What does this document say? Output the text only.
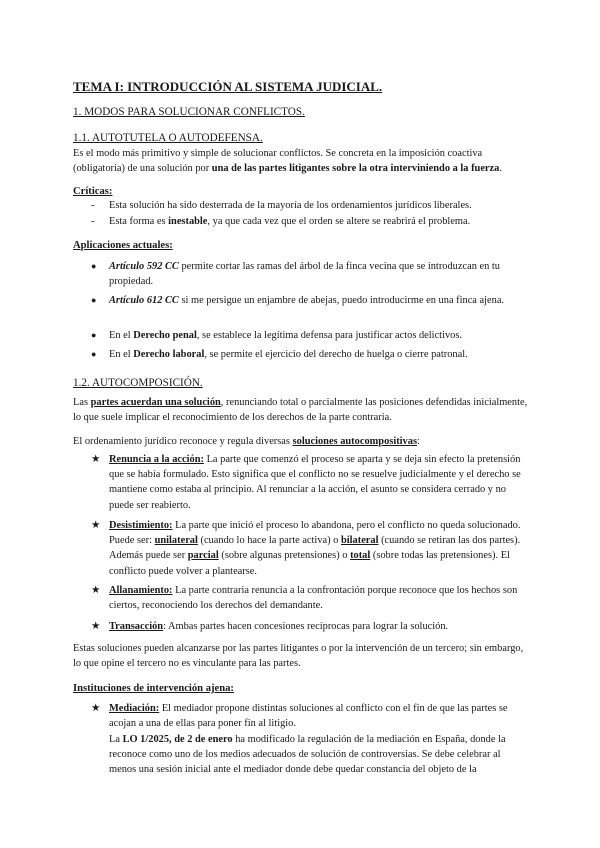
TEMA I: INTRODUCCIÓN AL SISTEMA JUDICIAL.

1. MODOS PARA SOLUCIONAR CONFLICTOS.

1.1. AUTOTUTELA O AUTODEFENSA.

Es el modo más primitivo y simple de solucionar conflictos. Se concreta en la imposición coactiva (obligatoria) de una solución por una de las partes litigantes sobre la otra interviniendo a la fuerza.

Críticas:

- Esta solución ha sido desterrada de la mayoría de los ordenamientos jurídicos liberales.

- Esta forma es inestable, ya que cada vez que el orden se altere se reabrirá el problema.

Aplicaciones actuales:

● Artículo 592 CC permite cortar las ramas del árbol de la finca vecina que se introduzcan en tu propiedad.

● Artículo 612 CC si me persigue un enjambre de abejas, puedo introducirme en una finca ajena.

● En el Derecho penal, se establece la legítima defensa para justificar actos delictivos.

● En el Derecho laboral, se permite el ejercicio del derecho de huelga o cierre patronal.

1.2. AUTOCOMPOSICIÓN.

Las partes acuerdan una solución, renunciando total o parcialmente las posiciones defendidas inicialmente, lo que suele implicar el reconocimiento de los derechos de la parte contraria.

El ordenamiento jurídico reconoce y regula diversas soluciones autocompositivas:

★ Renuncia a la acción: La parte que comenzó el proceso se aparta y se deja sin efecto la pretensión que se había formulado. Esto significa que el conflicto no se resuelve judicialmente y el derecho se mantiene como estaba al principio. Al renunciar a la acción, el asunto se considera cerrado y no puede ser reabierto.

★ Desistimiento: La parte que inició el proceso lo abandona, pero el conflicto no queda solucionado. Puede ser: unilateral (cuando lo hace la parte activa) o bilateral (cuando se retiran las dos partes). Además puede ser parcial (sobre algunas pretensiones) o total (sobre todas las pretensiones). El conflicto puede volver a plantearse.

★ Allanamiento: La parte contraria renuncia a la confrontación porque reconoce que los hechos son ciertos, reconociendo los derechos del demandante.

★ Transacción: Ambas partes hacen concesiones recíprocas para lograr la solución.

Estas soluciones pueden alcanzarse por las partes litigantes o por la intervención de un tercero; sin embargo, lo que opine el tercero no es vinculante para las partes.

Instituciones de intervención ajena:

★ Mediación: El mediador propone distintas soluciones al conflicto con el fin de que las partes se acojan a una de ellas para poner fin al litigio.

La LO 1/2025, de 2 de enero ha modificado la regulación de la mediación en España, donde la reconoce como uno de los medios adecuados de solución de controversias. Se debe celebrar al menos una sesión inicial ante el mediador donde debe quedar constancia del objeto de la
